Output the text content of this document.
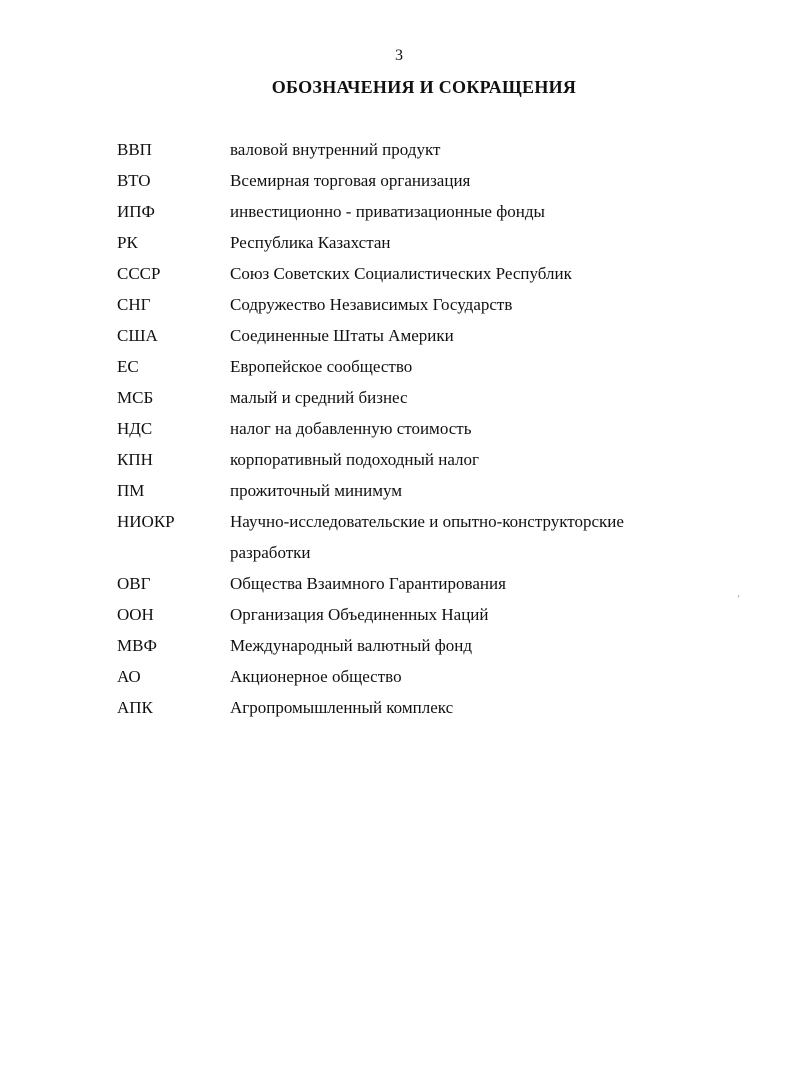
3
ОБОЗНАЧЕНИЯ И СОКРАЩЕНИЯ
ВВП	валовой внутренний продукт
ВТО	Всемирная торговая организация
ИПФ	инвестиционно - приватизационные фонды
РК	Республика Казахстан
СССР	Союз Советских Социалистических Республик
СНГ	Содружество Независимых Государств
США	Соединенные Штаты Америки
ЕС	Европейское сообщество
МСБ	малый и средний бизнес
НДС	налог на добавленную стоимость
КПН	корпоративный подоходный налог
ПМ	прожиточный минимум
НИОКР	Научно-исследовательские и опытно-конструкторские разработки
ОВГ	Общества Взаимного Гарантирования
ООН	Организация Объединенных Наций
МВФ	Международный валютный фонд
АО	Акционерное общество
АПК	Агропромышленный комплекс
'
